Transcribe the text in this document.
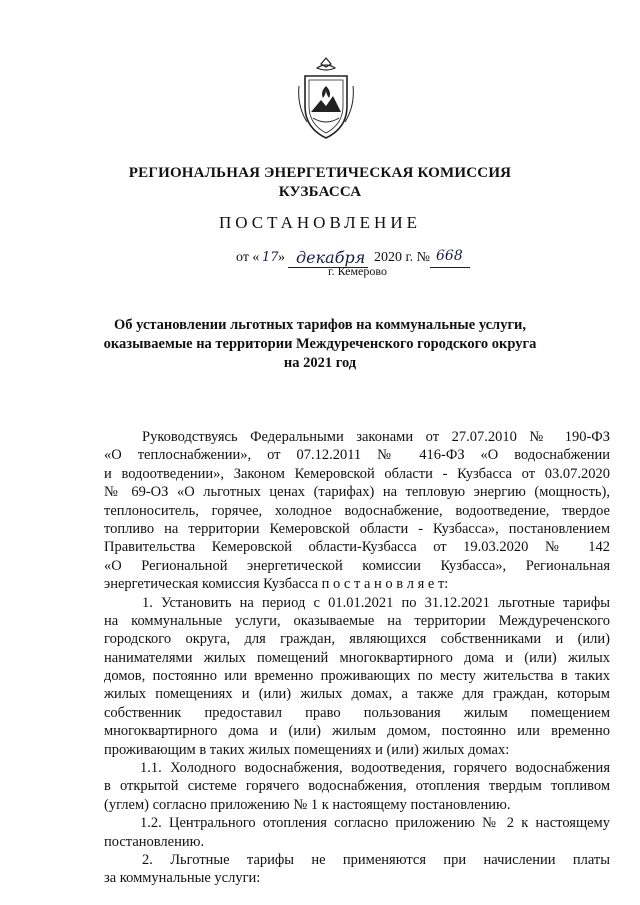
РЕГИОНАЛЬНАЯ ЭНЕРГЕТИЧЕСКАЯ КОМИССИЯ
КУЗБАССА
ПОСТАНОВЛЕНИЕ
от « 17 » декабря 2020 г. № 668
г. Кемерово
Об установлении льготных тарифов на коммунальные услуги,
оказываемые на территории Междуреченского городского округа
на 2021 год
Руководствуясь Федеральными законами от 27.07.2010 № 190-ФЗ
«О теплоснабжении», от 07.12.2011 № 416-ФЗ «О водоснабжении
и водоотведении», Законом Кемеровской области - Кузбасса от 03.07.2020
№ 69-ОЗ «О льготных ценах (тарифах) на тепловую энергию (мощность),
теплоноситель, горячее, холодное водоснабжение, водоотведение, твердое
топливо на территории Кемеровской области - Кузбасса», постановлением
Правительства Кемеровской области-Кузбасса от 19.03.2020 № 142
«О Региональной энергетической комиссии Кузбасса», Региональная
энергетическая комиссия Кузбасса п о с т а н о в л я е т:
1. Установить на период с 01.01.2021 по 31.12.2021 льготные тарифы
на коммунальные услуги, оказываемые на территории Междуреченского
городского округа, для граждан, являющихся собственниками и (или)
нанимателями жилых помещений многоквартирного дома и (или) жилых
домов, постоянно или временно проживающих по месту жительства в таких
жилых помещениях и (или) жилых домах, а также для граждан, которым
собственник предоставил право пользования жилым помещением
многоквартирного дома и (или) жилым домом, постоянно или временно
проживающим в таких жилых помещениях и (или) жилых домах:
1.1. Холодного водоснабжения, водоотведения, горячего водоснабжения
в открытой системе горячего водоснабжения, отопления твердым топливом
(углем) согласно приложению № 1 к настоящему постановлению.
1.2. Центрального отопления согласно приложению № 2 к настоящему
постановлению.
2. Льготные тарифы не применяются при начислении платы
за коммунальные услуги:
